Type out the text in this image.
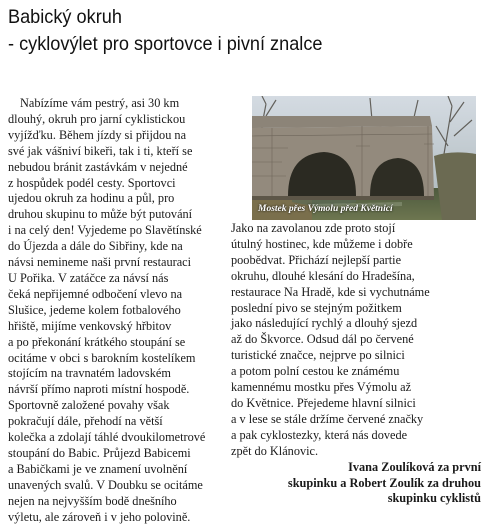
Babický okruh
- cyklovýlet pro sportovce i pivní znalce
Nabízíme vám pestrý, asi 30 km
dlouhý, okruh pro jarní cyklistickou
vyjížďku. Během jízdy si přijdou na
své jak vášniví bikeři, tak i ti, kteří se
nebudou bránit zastávkám v nejedné
z hospůdek podél cesty. Sportovci
ujedou okruh za hodinu a půl, pro
druhou skupinu to může být putování
i na celý den! Vyjedeme po Slavětínské
do Újezda a dále do Sibřiny, kde na
návsi nemineme naši první restauraci
U Pořika. V zatáčce za návsí nás
čeká nepřijemné odbočení vlevo na
Slušice, jedeme kolem fotbalového
hřiště, mijíme venkovský hřbitov
a po překonání krátkého stoupání se
ocitáme v obci s barokním kostelíkem
stojícím na travnatém ladovském
návrší přímo naproti místní hospodě.
Sportovně založené povahy však
pokračují dále, přehodí na větší
kolečka a zdolají táhlé dvoukilometrové
stoupání do Babic. Průjezd Babicemi
a Babičkami je ve znamení uvolnění
unavených svalů. V Doubku se ocitáme
nejen na nejvyšším bodě dnešního
výletu, ale zároveň i v jeho polovině.
Mostek přes Výmolu před Květnicí
Jako na zavolanou zde proto stojí
útulný hostinec, kde můžeme i dobře
poobědvat. Přichází nejlepší partie
okruhu, dlouhé klesání do Hradešína,
restaurace Na Hradě, kde si vychutnáme
poslední pivo se stejným požitkem
jako následující rychlý a dlouhý sjezd
až do Škvorce. Odsud dál po červené
turistické značce, nejprve po silnici
a potom polní cestou ke známému
kamennému mostku přes Výmolu až
do Květnice. Přejedeme hlavní silnici
a v lese se stále držíme červené značky
a pak cyklostezky, která nás dovede
zpět do Klánovic.
Ivana Zoulíková za první
skupinku a Robert Zoulík za druhou
skupinku cyklistů
